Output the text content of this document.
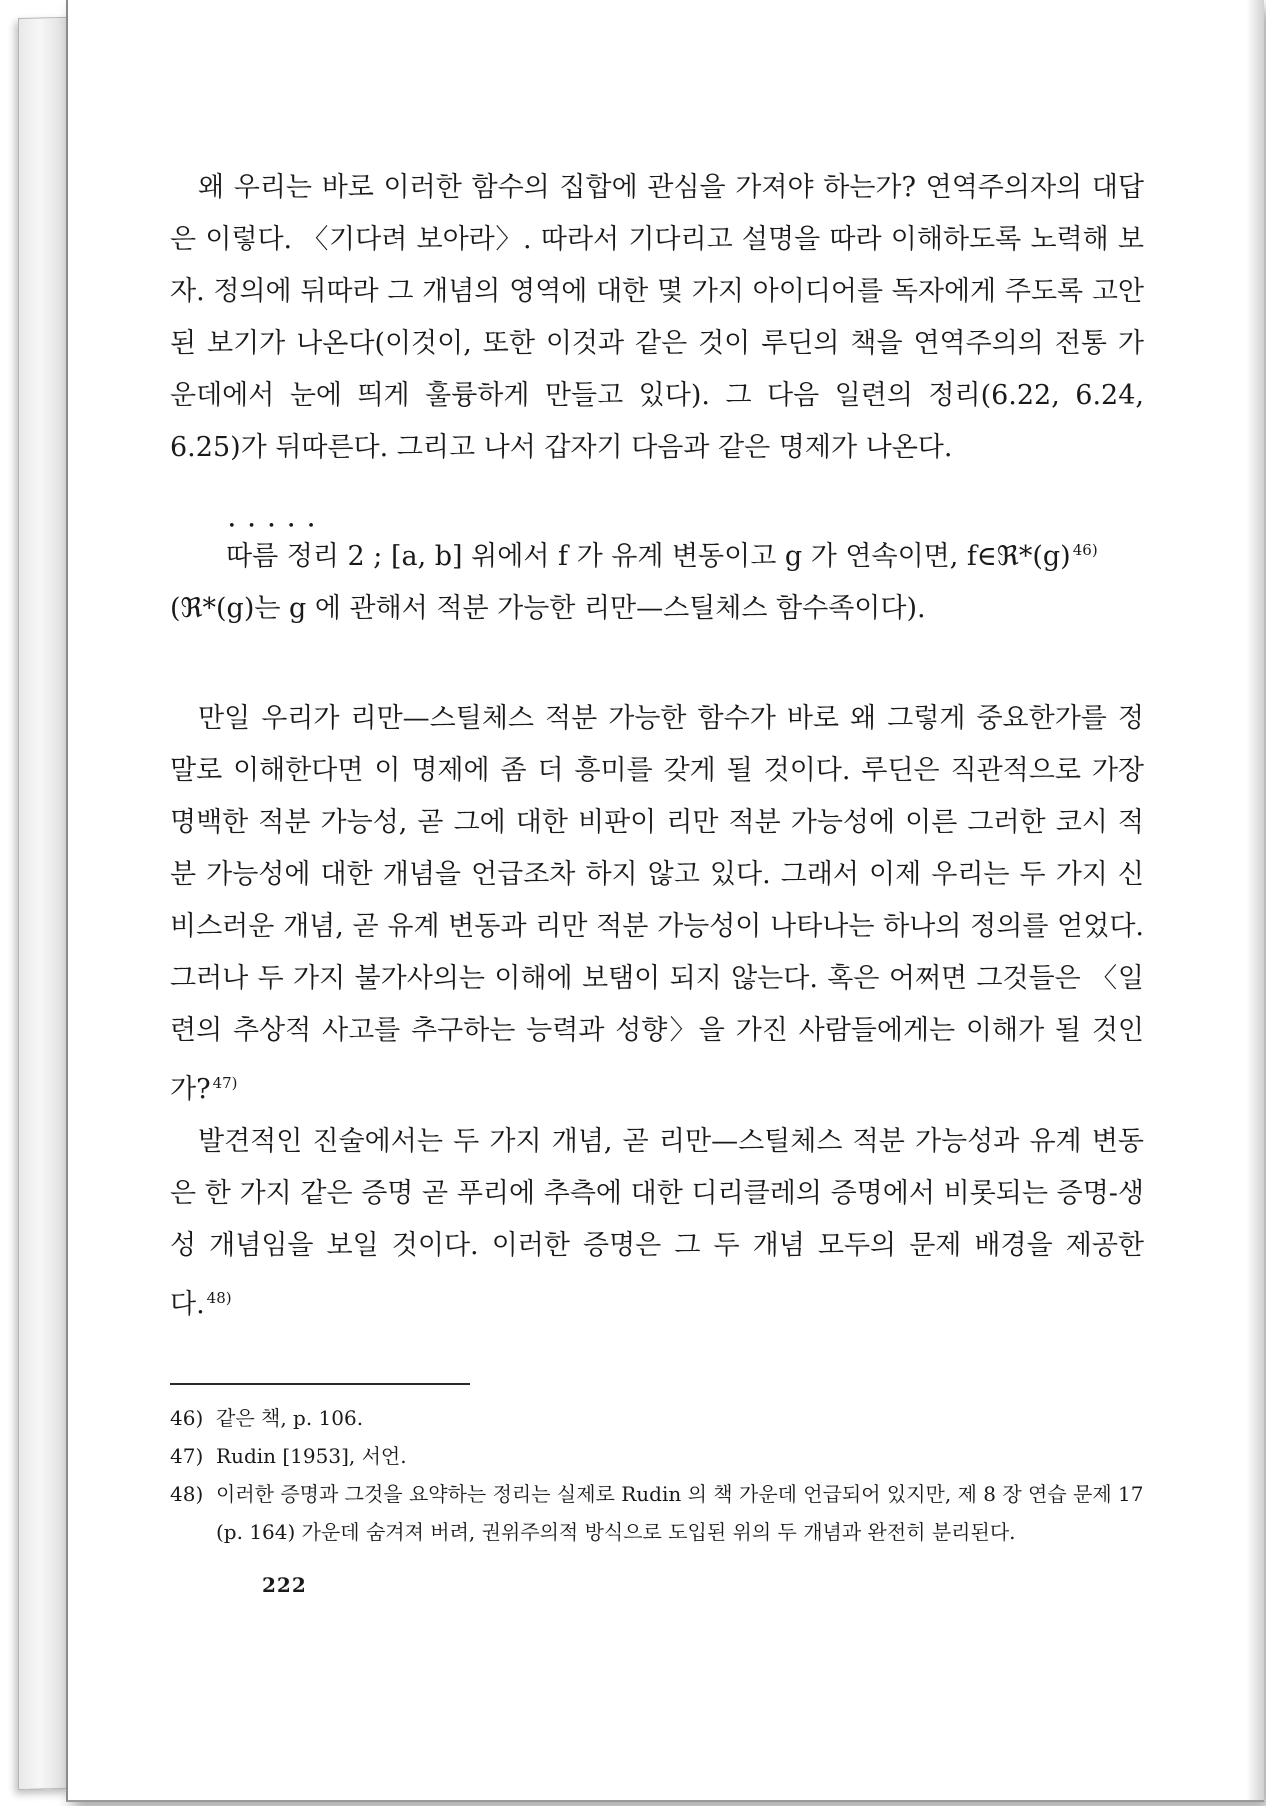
왜 우리는 바로 이러한 함수의 집합에 관심을 가져야 하는가? 연역주의자의 대답은 이렇다. 〈기다려 보아라〉. 따라서 기다리고 설명을 따라 이해하도록 노력해 보자. 정의에 뒤따라 그 개념의 영역에 대한 몇 가지 아이디어를 독자에게 주도록 고안된 보기가 나온다(이것이, 또한 이것과 같은 것이 루딘의 책을 연역주의의 전통 가운데에서 눈에 띄게 훌륭하게 만들고 있다). 그 다음 일련의 정리(6.22, 6.24, 6.25)가 뒤따른다. 그리고 나서 갑자기 다음과 같은 명제가 나온다.

• • 따름 정리 2 ; [a, b] 위에서 f 가 유계 변동이고 g 가 연속이면, f∈ℜ*(g) $^{46)}$
(ℜ*(g)는 g 에 관해서 적분 가능한 리만—스틸체스 함수족이다).

만일 우리가 리만—스틸체스 적분 가능한 함수가 바로 왜 그렇게 중요한가를 정말로 이해한다면 이 명제에 좀 더 흥미를 갖게 될 것이다. 루딘은 직관적으로 가장 명백한 적분 가능성, 곧 그에 대한 비판이 리만 적분 가능성에 이른 그러한 코시 적분 가능성에 대한 개념을 언급조차 하지 않고 있다. 그래서 이제 우리는 두 가지 신비스러운 개념, 곧 유계 변동과 리만 적분 가능성이 나타나는 하나의 정의를 얻었다. 그러나 두 가지 불가사의는 이해에 보탬이 되지 않는다. 혹은 어쩌면 그것들은 〈일련의 추상적 사고를 추구하는 능력과 성향〉을 가진 사람들에게는 이해가 될 것인가? $^{47)}$

발견적인 진술에서는 두 가지 개념, 곧 리만—스틸체스 적분 가능성과 유계 변동은 한 가지 같은 증명 곧 푸리에 추측에 대한 디리클레의 증명에서 비롯되는 증명-생성 개념임을 보일 것이다. 이러한 증명은 그 두 개념 모두의 문제 배경을 제공한다. $^{48)}$

46) 같은 책, p. 106.
47) Rudin [1953], 서언.
48) 이러한 증명과 그것을 요약하는 정리는 실제로 Rudin 의 책 가운데 언급되어 있지만, 제 8 장 연습 문제 17 (p. 164) 가운데 숨겨져 버려, 권위주의적 방식으로 도입된 위의 두 개념과 완전히 분리된다.
222
